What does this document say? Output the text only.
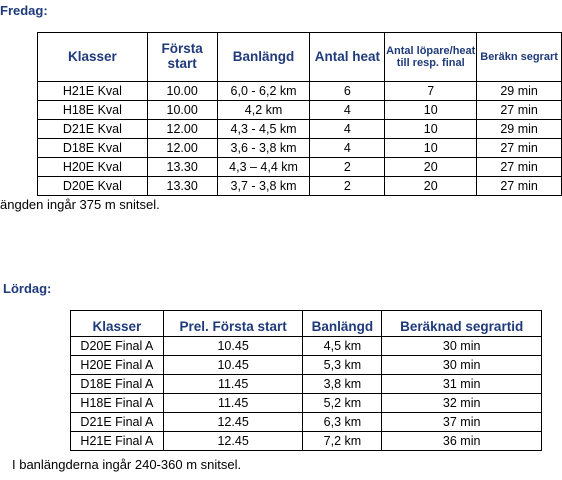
Fredag:
Klasser	Första start	Banlängd	Antal heat	Antal löpare/heat till resp. final	Beräkn segrart
H21E Kval	10.00	6,0 - 6,2 km	6	7	29 min
H18E Kval	10.00	4,2 km	4	10	27 min
D21E Kval	12.00	4,3 - 4,5 km	4	10	29 min
D18E Kval	12.00	3,6 - 3,8 km	4	10	27 min
H20E Kval	13.30	4,3 – 4,4 km	2	20	27 min
D20E Kval	13.30	3,7 - 3,8 km	2	20	27 min
ängden ingår 375 m snitsel.
Lördag:
Klasser	Prel. Första start	Banlängd	Beräknad segrartid
D20E Final A	10.45	4,5 km	30 min
H20E Final A	10.45	5,3 km	30 min
D18E Final A	11.45	3,8 km	31 min
H18E Final A	11.45	5,2 km	32 min
D21E Final A	12.45	6,3 km	37 min
H21E Final A	12.45	7,2 km	36 min
I banlängderna ingår 240-360 m snitsel.
